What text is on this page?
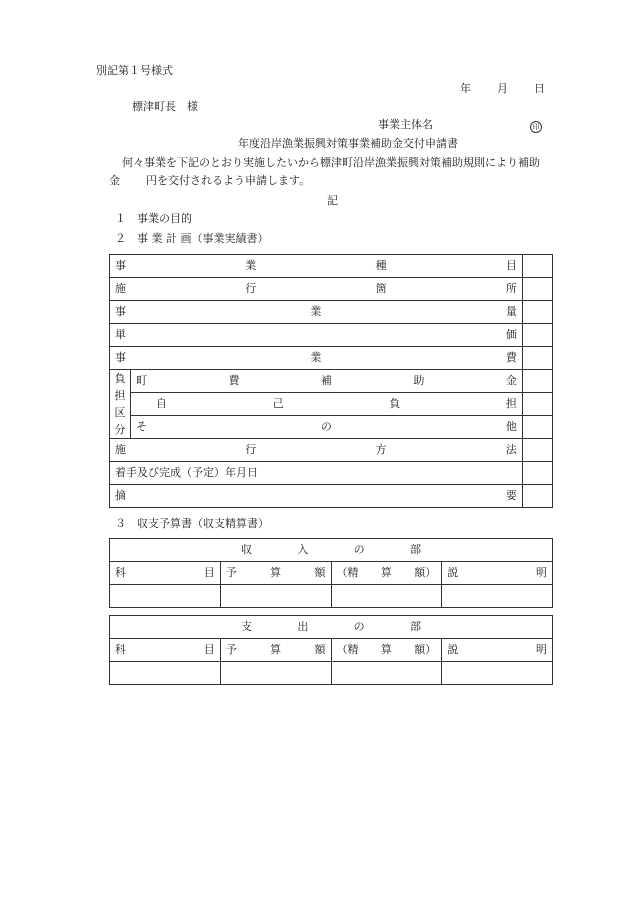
別記第１号様式
年 月 日
標津町長　様
事業主体名	印
年度沿岸漁業振興対策事業補助金交付申請書
何々事業を下記のとおり実施したいから標津町沿岸漁業振興対策補助規則により補助
金 円を交付されるよう申請します。
記
１　事業の目的
２　事 業 計 画（事業実績書）
事 業 種 目		

施 行 箇 所		

事 業 量		

単 価		

事 業 費		

負
担
区
分	町 費 補 助 金	

	自 己 負 担	

	そ の 他	

施 行 方 法		

着手及び完成（予定）年月日		

摘 要		

３　収支予算書（収支精算書）
収 入 の 部			

科 目	予 算 額	（精 算 額）	説 明

支 出 の 部			

科 目	予 算 額	（精 算 額）	説 明
